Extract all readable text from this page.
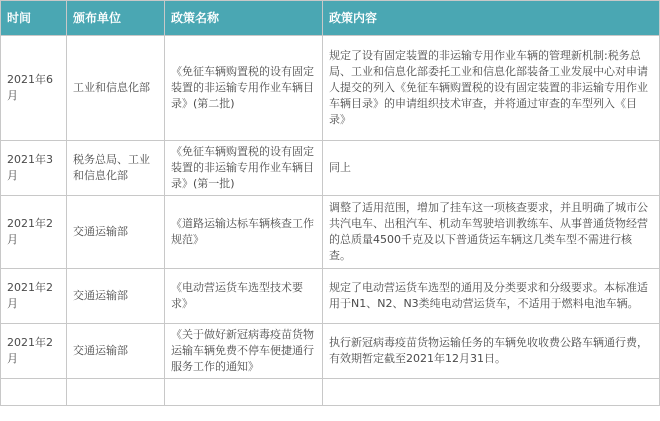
时间	颁布单位	政策名称	政策内容
2021年6月	工业和信息化部	《免征车辆购置税的设有固定装置的非运输专用作业车辆目录》(第二批)	规定了设有固定装置的非运输专用作业车辆的管理新机制:税务总局、工业和信息化部委托工业和信息化部装备工业发展中心对申请人提交的列入《免征车辆购置税的设有固定装置的非运输专用作业车辆目录》的申请组织技术审查，并将通过审查的车型列入《目录》
2021年3月	税务总局、工业和信息化部	《免征车辆购置税的设有固定装置的非运输专用作业车辆目录》(第一批)	同上
2021年2月	交通运输部	《道路运输达标车辆核查工作规范》	调整了适用范围，增加了挂车这一项核查要求，并且明确了城市公共汽电车、出租汽车、机动车驾驶培训教练车、从事普通货物经营的总质量4500千克及以下普通货运车辆这几类车型不需进行核查。
2021年2月	交通运输部	《电动营运货车选型技术要求》	规定了电动营运货车选型的通用及分类要求和分级要求。本标准适用于N1、N2、N3类纯电动营运货车，不适用于燃料电池车辆。
2021年2月	交通运输部	《关于做好新冠病毒疫苗货物运输车辆免费不停车便捷通行服务工作的通知》	执行新冠病毒疫苗货物运输任务的车辆免收收费公路车辆通行费，有效期暂定截至2021年12月31日。
